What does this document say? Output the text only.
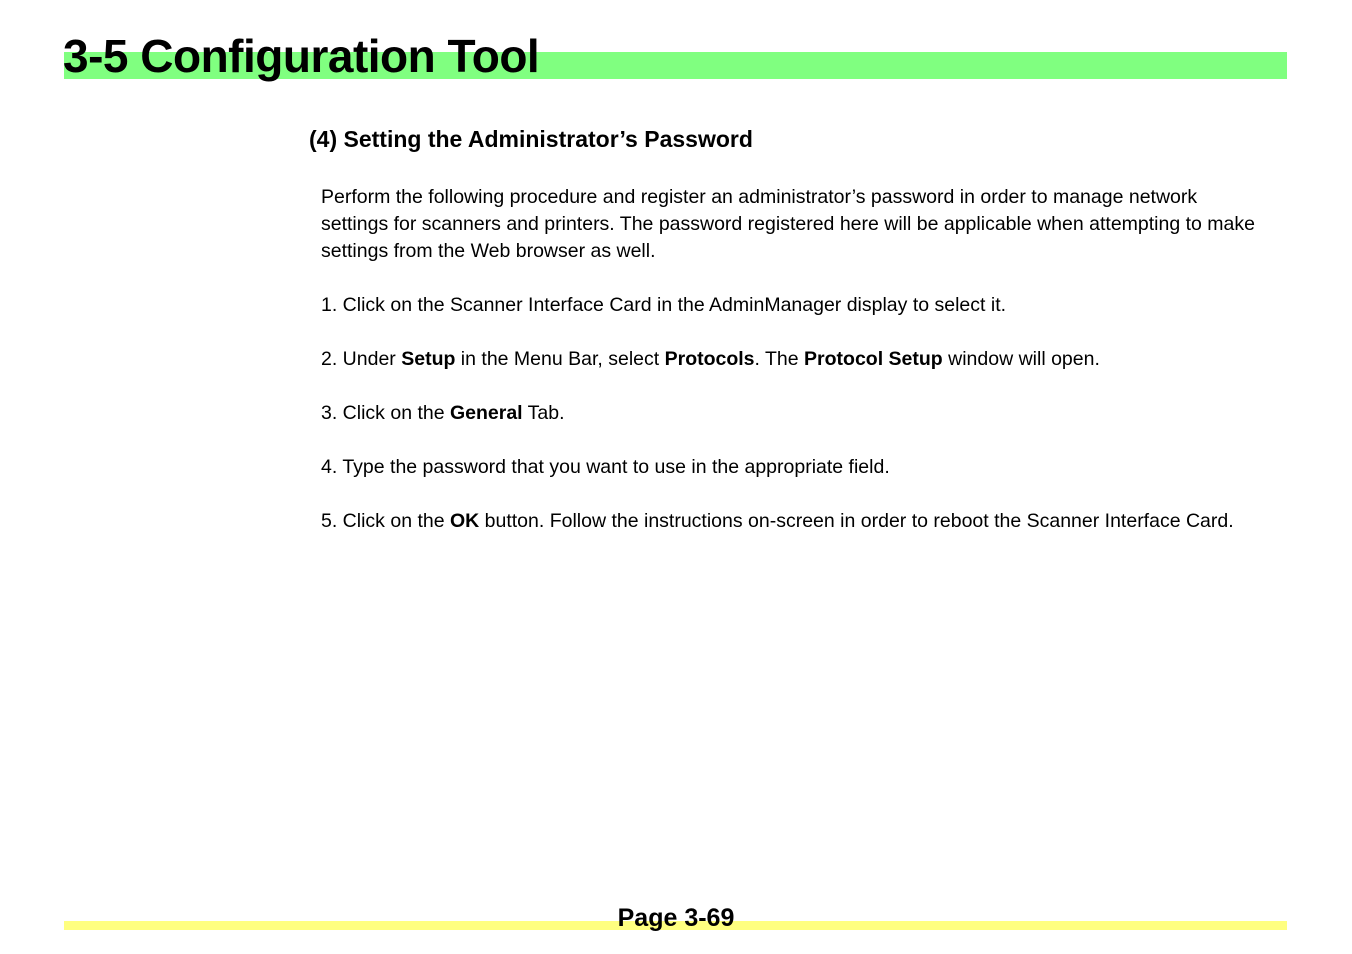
3-5 Configuration Tool
(4) Setting the Administrator’s Password

Perform the following procedure and register an administrator’s password in order to manage network settings for scanners and printers. The password registered here will be applicable when attempting to make settings from the Web browser as well.

1. Click on the Scanner Interface Card in the AdminManager display to select it.

2. Under Setup in the Menu Bar, select Protocols. The Protocol Setup window will open.

3. Click on the General Tab.

4. Type the password that you want to use in the appropriate field.

5. Click on the OK button. Follow the instructions on-screen in order to reboot the Scanner Interface Card.

Page 3-69
